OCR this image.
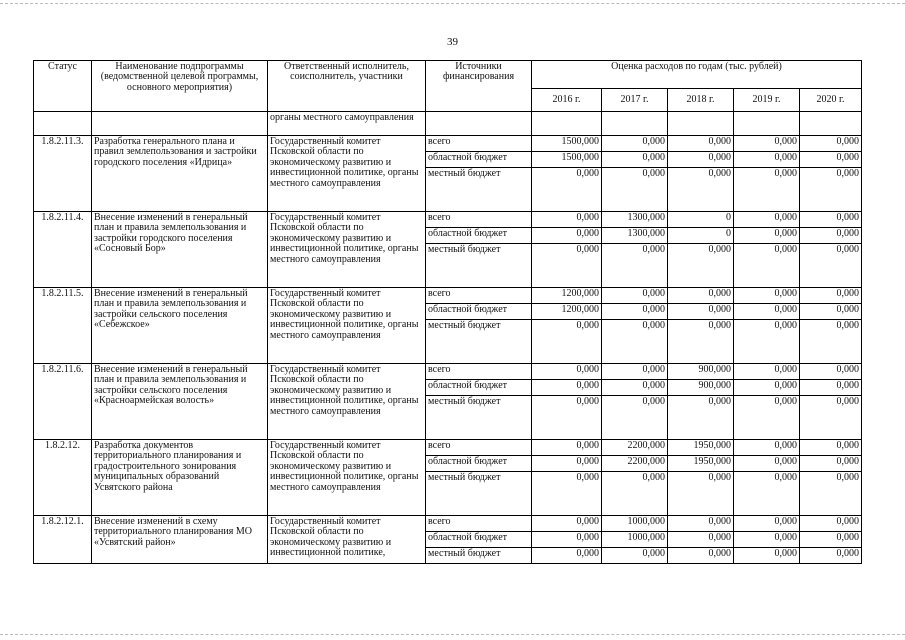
39
Статус	Наименование подпрограммы (ведомственной целевой программы, основного мероприятия)	Ответственный исполнитель, соисполнитель, участники	Источники финансирования	Оценка расходов по годам (тыс. рублей)				
				2016 г.	2017 г.	2018 г.	2019 г.	2020 г.
		органы местного самоуправления						
1.8.2.11.3.	Разработка генерального плана и правил землепользования и застройки городского поселения «Идрица»	Государственный комитет Псковской области по экономическому развитию и инвестиционной политике, органы местного самоуправления	всего	1500,000	0,000	0,000	0,000	0,000
			областной бюджет	1500,000	0,000	0,000	0,000	0,000
			местный бюджет	0,000	0,000	0,000	0,000	0,000
1.8.2.11.4.	Внесение изменений в генеральный план и правила землепользования и застройки городского поселения «Сосновый Бор»	Государственный комитет Псковской области по экономическому развитию и инвестиционной политике, органы местного самоуправления	всего	0,000	1300,000	0	0,000	0,000
			областной бюджет	0,000	1300,000	0	0,000	0,000
			местный бюджет	0,000	0,000	0,000	0,000	0,000
1.8.2.11.5.	Внесение изменений в генеральный план и правила землепользования и застройки сельского поселения «Себежское»	Государственный комитет Псковской области по экономическому развитию и инвестиционной политике, органы местного самоуправления	всего	1200,000	0,000	0,000	0,000	0,000
			областной бюджет	1200,000	0,000	0,000	0,000	0,000
			местный бюджет	0,000	0,000	0,000	0,000	0,000
1.8.2.11.6.	Внесение изменений в генеральный план и правила землепользования и застройки сельского поселения «Красноармейская волость»	Государственный комитет Псковской области по экономическому развитию и инвестиционной политике, органы местного самоуправления	всего	0,000	0,000	900,000	0,000	0,000
			областной бюджет	0,000	0,000	900,000	0,000	0,000
			местный бюджет	0,000	0,000	0,000	0,000	0,000
1.8.2.12.	Разработка документов территориального планирования и градостроительного зонирования муниципальных образований Усвятского района	Государственный комитет Псковской области по экономическому развитию и инвестиционной политике, органы местного самоуправления	всего	0,000	2200,000	1950,000	0,000	0,000
			областной бюджет	0,000	2200,000	1950,000	0,000	0,000
			местный бюджет	0,000	0,000	0,000	0,000	0,000
1.8.2.12.1.	Внесение изменений в схему территориального планирования МО «Усвятский район»	Государственный комитет Псковской области по экономическому развитию и инвестиционной политике,	всего	0,000	1000,000	0,000	0,000	0,000
			областной бюджет	0,000	1000,000	0,000	0,000	0,000
			местный бюджет	0,000	0,000	0,000	0,000	0,000
